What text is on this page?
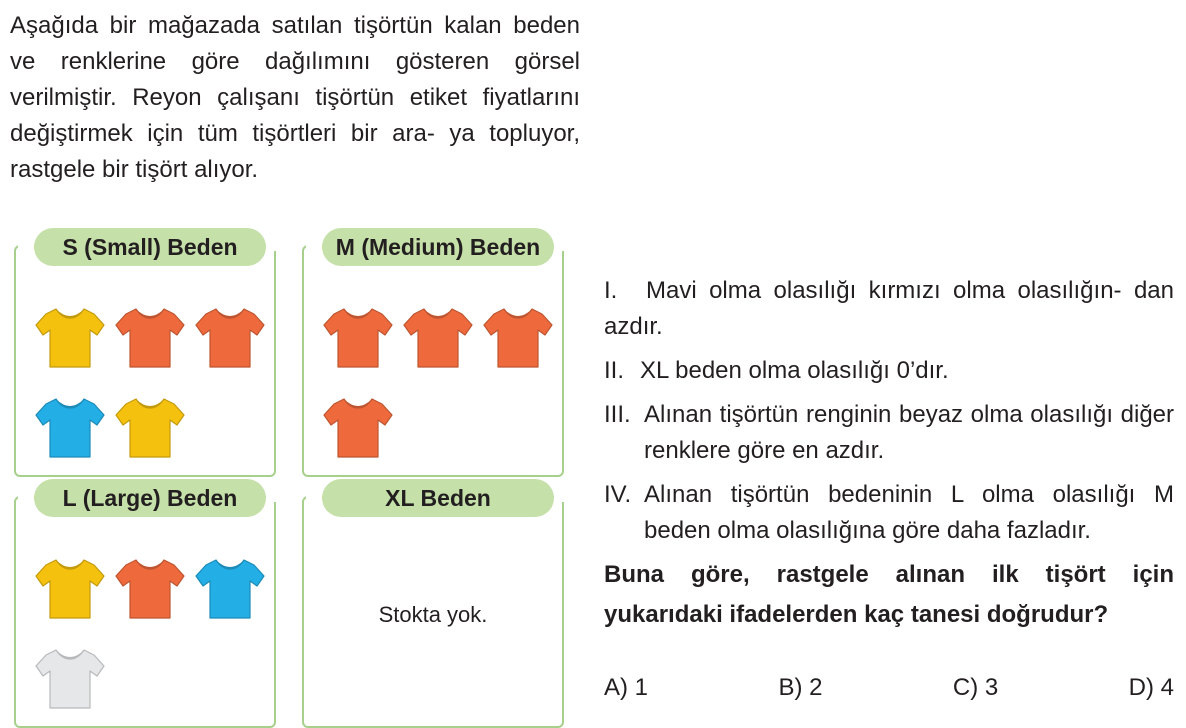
Aşağıda bir mağazada satılan tişörtün kalan beden ve renklerine göre dağılımını gösteren görsel verilmiştir. Reyon çalışanı tişörtün etiket fiyatlarını değiştirmek için tüm tişörtleri bir ara- ya topluyor, rastgele bir tişört alıyor.

S (Small) Beden	M (Medium) Beden
L (Large) Beden	XL Beden
Stokta yok.

I. Mavi olma olasılığı kırmızı olma olasılığın- dan azdır.

II. XL beden olma olasılığı 0’dır.

III. Alınan tişörtün renginin beyaz olma olasılığı diğer renklere göre en azdır.

IV. Alınan tişörtün bedeninin L olma olasılığı M beden olma olasılığına göre daha fazladır.

Buna göre, rastgele alınan ilk tişört için yukarıdaki ifadelerden kaç tanesi doğrudur?

A) 1	B) 2	C) 3	D) 4
